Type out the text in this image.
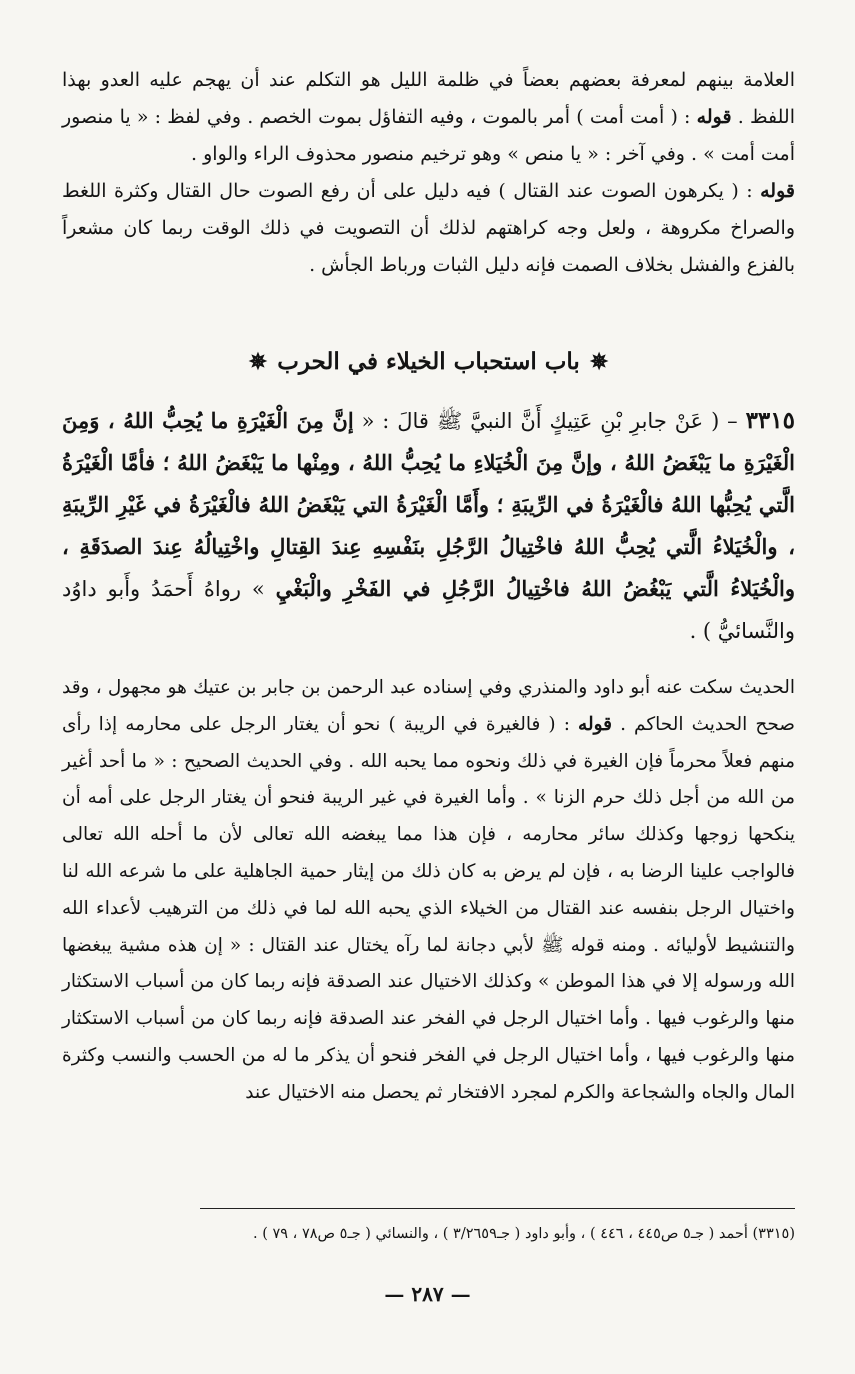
العلامة بينهم لمعرفة بعضهم بعضاً في ظلمة الليل هو التكلم عند أن يهجم عليه العدو بهذا اللفظ . قوله : ( أمت أمت ) أمر بالموت ، وفيه التفاؤل بموت الخصم . وفي لفظ : « يا منصور أمت أمت » . وفي آخر : « يا منص » وهو ترخيم منصور محذوف الراء والواو .
قوله : ( يكرهون الصوت عند القتال ) فيه دليل على أن رفع الصوت حال القتال وكثرة اللغط والصراخ مكروهة ، ولعل وجه كراهتهم لذلك أن التصويت في ذلك الوقت ربما كان مشعراً بالفزع والفشل بخلاف الصمت فإنه دليل الثبات ورباط الجأش .

✵باب استحباب الخيلاء في الحرب✵

٣٣١٥ – ( عَنْ جابرِ بْنِ عَتِيكٍ أَنَّ النبيَّ ﷺ قالَ : « إنَّ مِنَ الْغَيْرَةِ ما يُحِبُّ اللهُ ، وَمِنَ الْغَيْرَةِ ما يَبْغَضُ اللهُ ، وإنَّ مِنَ الْخُيَلاءِ ما يُحِبُّ اللهُ ، ومِنْها ما يَبْغَضُ اللهُ ؛ فأمَّا الْغَيْرَةُ الَّتي يُحِبُّها اللهُ فالْغَيْرَةُ في الرِّيبَةِ ؛ وأَمَّا الْغَيْرَةُ التي يَبْغَضُ اللهُ فالْغَيْرَةُ في غَيْرِ الرِّيبَةِ ، والْخُيَلاءُ الَّتي يُحِبُّ اللهُ فاخْتِيالُ الرَّجُلِ بنَفْسِهِ عِندَ القِتالِ واخْتِيالُهُ عِندَ الصدَقَةِ ، والْخُيَلاءُ الَّتي يَبْغُضُ اللهُ فاخْتِيالُ الرَّجُلِ في الفَخْرِ والْبَغْيِ » رواهُ أَحمَدُ وأَبو داوُد والنَّسائيُّ ) .

الحديث سكت عنه أبو داود والمنذري وفي إسناده عبد الرحمن بن جابر بن عتيك هو مجهول ، وقد صحح الحديث الحاكم . قوله : ( فالغيرة في الريبة ) نحو أن يغتار الرجل على محارمه إذا رأى منهم فعلاً محرماً فإن الغيرة في ذلك ونحوه مما يحبه الله . وفي الحديث الصحيح : « ما أحد أغير من الله من أجل ذلك حرم الزنا » . وأما الغيرة في غير الريبة فنحو أن يغتار الرجل على أمه أن ينكحها زوجها وكذلك سائر محارمه ، فإن هذا مما يبغضه الله تعالى لأن ما أحله الله تعالى فالواجب علينا الرضا به ، فإن لم يرض به كان ذلك من إيثار حمية الجاهلية على ما شرعه الله لنا واختيال الرجل بنفسه عند القتال من الخيلاء الذي يحبه الله لما في ذلك من الترهيب لأعداء الله والتنشيط لأوليائه . ومنه قوله ﷺ لأبي دجانة لما رآه يختال عند القتال : « إن هذه مشية يبغضها الله ورسوله إلا في هذا الموطن » وكذلك الاختيال عند الصدقة فإنه ربما كان من أسباب الاستكثار منها والرغوب فيها . وأما اختيال الرجل في الفخر عند الصدقة فإنه ربما كان من أسباب الاستكثار منها والرغوب فيها ، وأما اختيال الرجل في الفخر فنحو أن يذكر ما له من الحسب والنسب وكثرة المال والجاه والشجاعة والكرم لمجرد الافتخار ثم يحصل منه الاختيال عند

(٣٣١٥) أحمد ( جـ٥ ص٤٤٥ ، ٤٤٦ ) ، وأبو داود ( جـ٣/٢٦٥٩ ) ، والنسائي ( جـ٥ ص٧٨ ، ٧٩ ) .
— ٢٨٧ —
